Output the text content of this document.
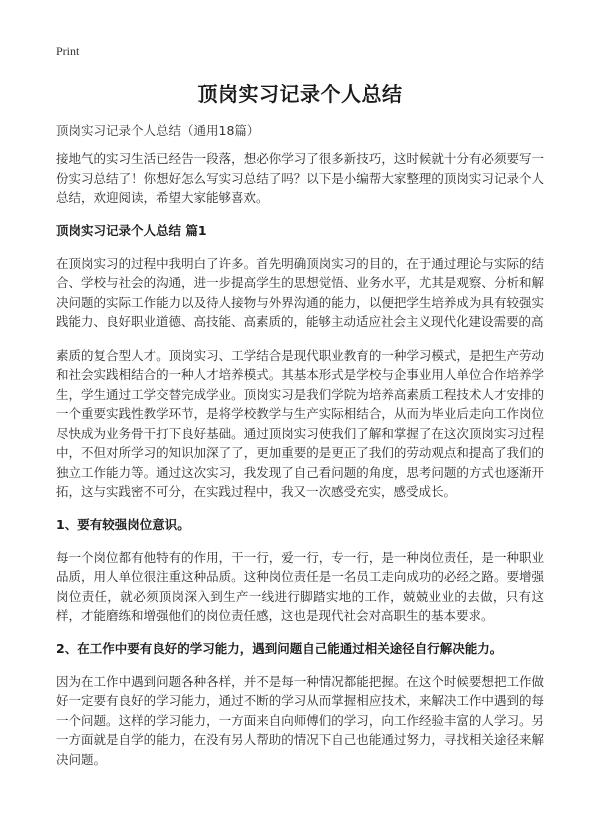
Print
顶岗实习记录个人总结

顶岗实习记录个人总结（通用18篇）

接地气的实习生活已经告一段落，想必你学习了很多新技巧，这时候就十分有必须要写一份实习总结了！你想好怎么写实习总结了吗？以下是小编帮大家整理的顶岗实习记录个人总结，欢迎阅读，希望大家能够喜欢。

顶岗实习记录个人总结 篇1

在顶岗实习的过程中我明白了许多。首先明确顶岗实习的目的，在于通过理论与实际的结合、学校与社会的沟通，进一步提高学生的思想觉悟、业务水平，尤其是观察、分析和解决问题的实际工作能力以及待人接物与外界沟通的能力，以便把学生培养成为具有较强实践能力、良好职业道德、高技能、高素质的，能够主动适应社会主义现代化建设需要的高

素质的复合型人才。顶岗实习、工学结合是现代职业教育的一种学习模式，是把生产劳动和社会实践相结合的一种人才培养模式。其基本形式是学校与企事业用人单位合作培养学生，学生通过工学交替完成学业。顶岗实习是我们学院为培养高素质工程技术人才安排的一个重要实践性教学环节，是将学校教学与生产实际相结合，从而为毕业后走向工作岗位尽快成为业务骨干打下良好基础。通过顶岗实习使我们了解和掌握了在这次顶岗实习过程中，不但对所学习的知识加深了了，更加重要的是更正了我们的劳动观点和提高了我们的独立工作能力等。通过这次实习，我发现了自己看问题的角度，思考问题的方式也逐渐开拓，这与实践密不可分，在实践过程中，我又一次感受充实，感受成长。

1、要有较强岗位意识。

每一个岗位都有他特有的作用，干一行，爱一行，专一行，是一种岗位责任，是一种职业品质，用人单位很注重这种品质。这种岗位责任是一名员工走向成功的必经之路。要增强岗位责任，就必须顶岗深入到生产一线进行脚踏实地的工作，兢兢业业的去做，只有这样，才能磨练和增强他们的岗位责任感，这也是现代社会对高职生的基本要求。

2、在工作中要有良好的学习能力，遇到问题自己能通过相关途径自行解决能力。

因为在工作中遇到问题各种各样，并不是每一种情况都能把握。在这个时候要想把工作做好一定要有良好的学习能力，通过不断的学习从而掌握相应技术，来解决工作中遇到的每一个问题。这样的学习能力，一方面来自向师傅们的学习，向工作经验丰富的人学习。另一方面就是自学的能力，在没有另人帮助的情况下自己也能通过努力，寻找相关途径来解决问题。
